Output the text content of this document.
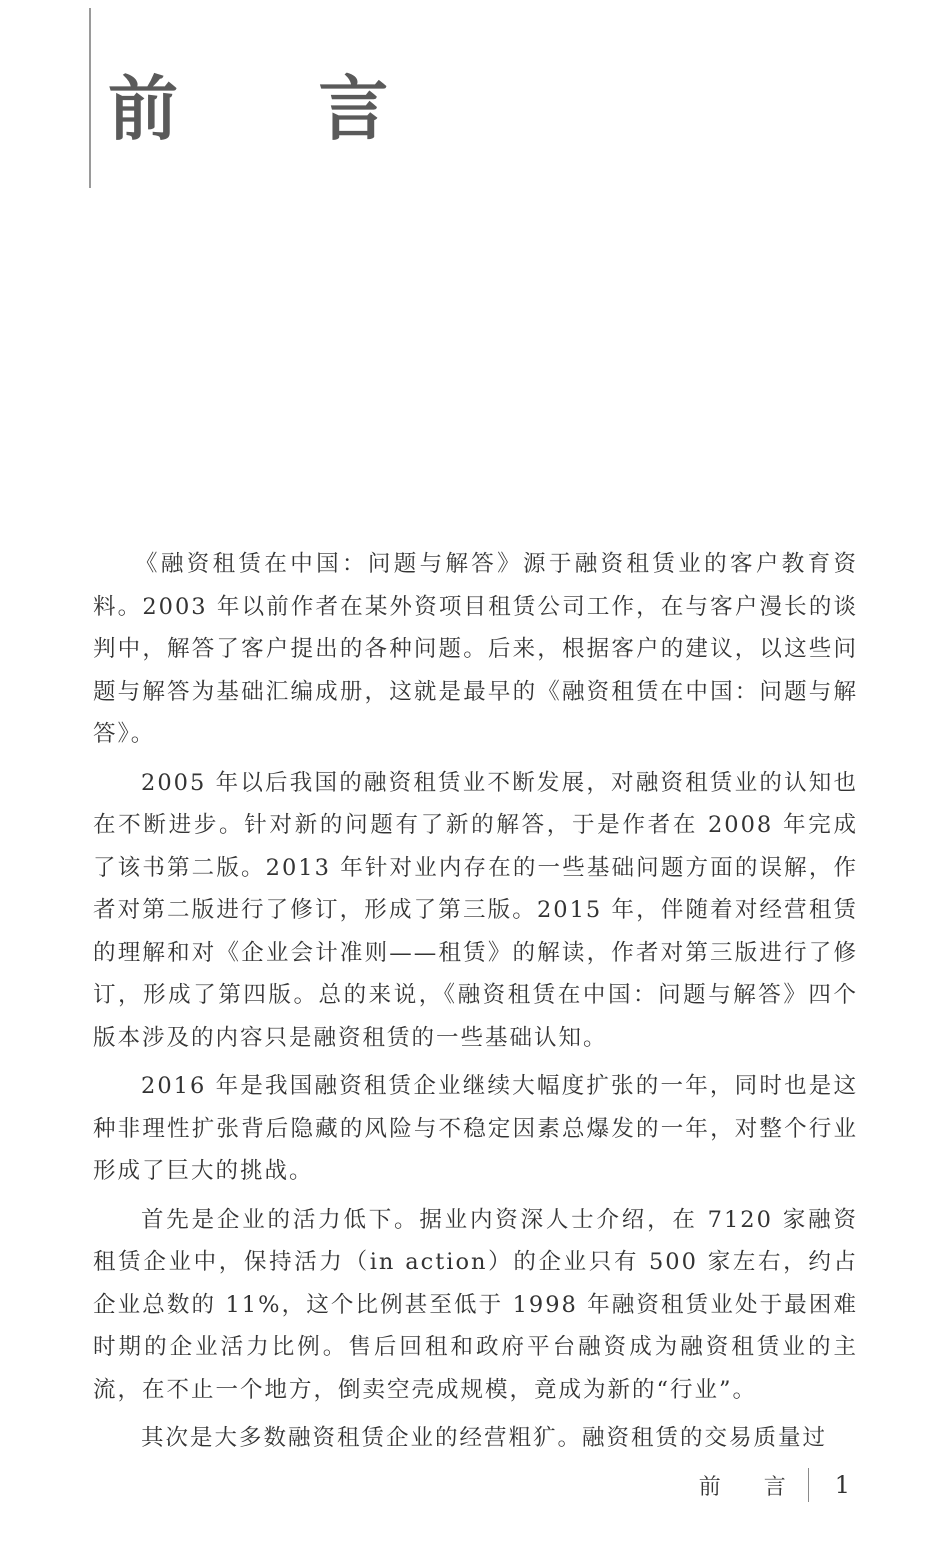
前 言

《融资租赁在中国：问题与解答》源于融资租赁业的客户教育资料。2003 年以前作者在某外资项目租赁公司工作，在与客户漫长的谈判中，解答了客户提出的各种问题。后来，根据客户的建议，以这些问题与解答为基础汇编成册，这就是最早的《融资租赁在中国：问题与解答》。

2005 年以后我国的融资租赁业不断发展，对融资租赁业的认知也在不断进步。针对新的问题有了新的解答，于是作者在 2008 年完成了该书第二版。2013 年针对业内存在的一些基础问题方面的误解，作者对第二版进行了修订，形成了第三版。2015 年，伴随着对经营租赁的理解和对《企业会计准则——租赁》的解读，作者对第三版进行了修订，形成了第四版。总的来说，《融资租赁在中国：问题与解答》四个版本涉及的内容只是融资租赁的一些基础认知。

2016 年是我国融资租赁企业继续大幅度扩张的一年，同时也是这种非理性扩张背后隐藏的风险与不稳定因素总爆发的一年，对整个行业形成了巨大的挑战。

首先是企业的活力低下。据业内资深人士介绍，在 7120 家融资租赁企业中，保持活力（in action）的企业只有 500 家左右，约占企业总数的 11%，这个比例甚至低于 1998 年融资租赁业处于最困难时期的企业活力比例。售后回租和政府平台融资成为融资租赁业的主流，在不止一个地方，倒卖空壳成规模，竟成为新的“行业”。

其次是大多数融资租赁企业的经营粗犷。融资租赁的交易质量过

前 言 1
